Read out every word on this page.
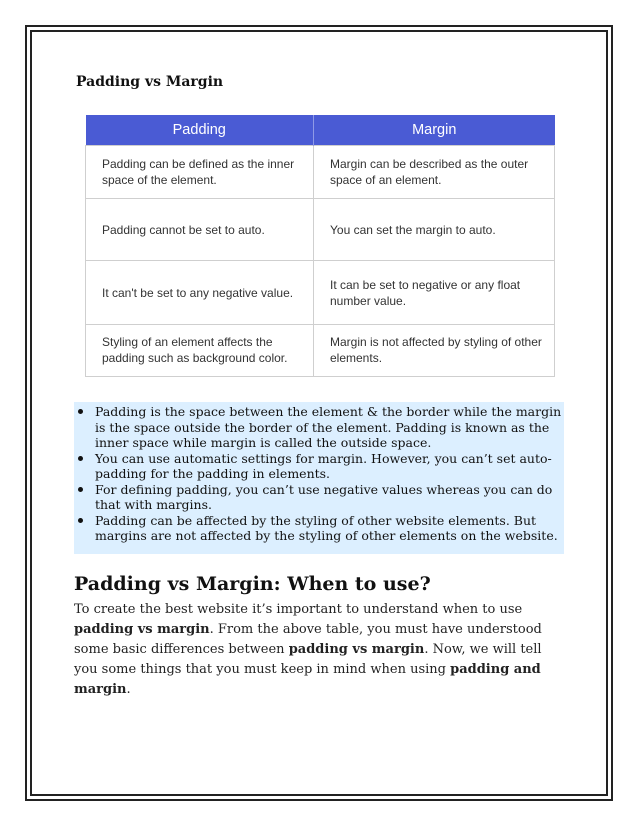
Padding vs Margin
Padding	Margin
Padding can be defined as the inner space of the element.	Margin can be described as the outer space of an element.
Padding cannot be set to auto.	You can set the margin to auto.
It can't be set to any negative value.	It can be set to negative or any float number value.
Styling of an element affects the padding such as background color.	Margin is not affected by styling of other elements.
Padding is the space between the element & the border while the margin is the space outside the border of the element. Padding is known as the inner space while margin is called the outside space.
You can use automatic settings for margin. However, you can’t set auto-padding for the padding in elements.
For defining padding, you can’t use negative values whereas you can do that with margins.
Padding can be affected by the styling of other website elements. But margins are not affected by the styling of other elements on the website.
Padding vs Margin: When to use?

To create the best website it’s important to understand when to use padding vs margin. From the above table, you must have understood some basic differences between padding vs margin. Now, we will tell you some things that you must keep in mind when using padding and margin.
